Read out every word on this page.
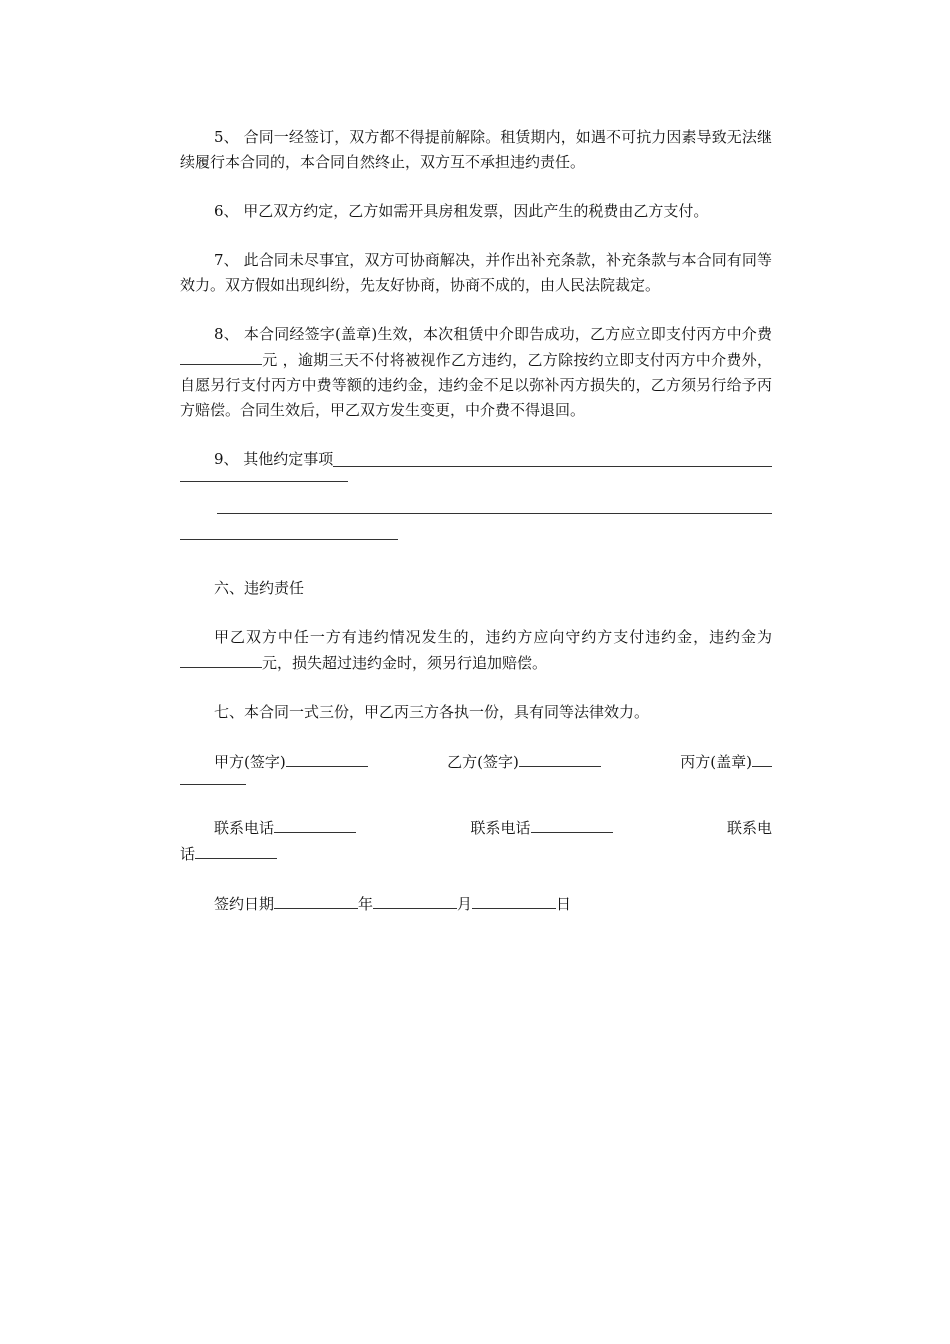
5、 合同一经签订，双方都不得提前解除。租赁期内，如遇不可抗力因素导致无法继续履行本合同的，本合同自然终止，双方互不承担违约责任。

6、 甲乙双方约定，乙方如需开具房租发票，因此产生的税费由乙方支付。

7、 此合同未尽事宜，双方可协商解决，并作出补充条款，补充条款与本合同有同等效力。双方假如出现纠纷，先友好协商，协商不成的，由人民法院裁定。

8、 本合同经签字(盖章)生效，本次租赁中介即告成功，乙方应立即支付丙方中介费元 ，逾期三天不付将被视作乙方违约，乙方除按约立即支付丙方中介费外，自愿另行支付丙方中费等额的违约金，违约金不足以弥补丙方损失的，乙方须另行给予丙方赔偿。合同生效后，甲乙双方发生变更，中介费不得退回。

9、 其他约定事项

六、违约责任

甲乙双方中任一方有违约情况发生的，违约方应向守约方支付违约金，违约金为元，损失超过违约金时，须另行追加赔偿。

七、本合同一式三份，甲乙丙三方各执一份，具有同等法律效力。

甲方(签字)	乙方(签字)	丙方(盖章)
联系电话	联系电话	联系电
话
签约日期	年	月	日
